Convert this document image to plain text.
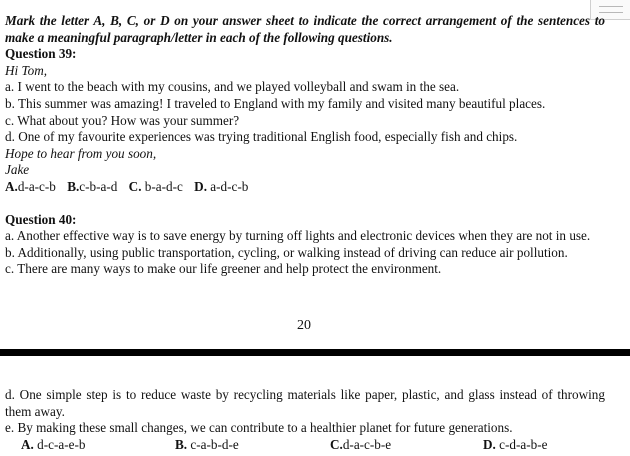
Mark the letter A, B, C, or D on your answer sheet to indicate the correct arrangement of the sentences to make a meaningful paragraph/letter in each of the following questions.
Question 39:
Hi Tom,
a. I went to the beach with my cousins, and we played volleyball and swam in the sea.
b. This summer was amazing! I traveled to England with my family and visited many beautiful places.
c. What about you? How was your summer?
d. One of my favourite experiences was trying traditional English food, especially fish and chips.
Hope to hear from you soon,
Jake
A.d-a-c-b B.c-b-a-d C. b-a-d-c D. a-d-c-b
Question 40:
a. Another effective way is to save energy by turning off lights and electronic devices when they are not in use.
b. Additionally, using public transportation, cycling, or walking instead of driving can reduce air pollution.
c. There are many ways to make our life greener and help protect the environment.
20
d. One simple step is to reduce waste by recycling materials like paper, plastic, and glass instead of throwing them away.
e. By making these small changes, we can contribute to a healthier planet for future generations.
A. d-c-a-e-b	B. c-a-b-d-e	C.d-a-c-b-e	D. c-d-a-b-e
